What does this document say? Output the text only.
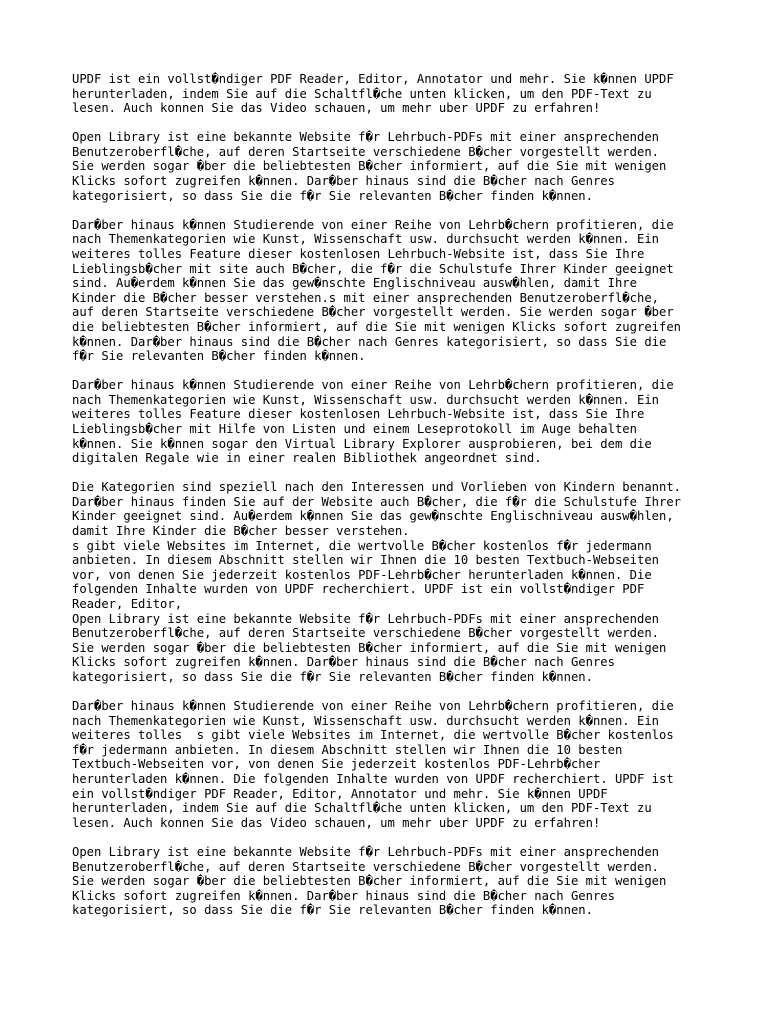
UPDF ist ein vollst�ndiger PDF Reader, Editor, Annotator und mehr. Sie k�nnen UPDF
herunterladen, indem Sie auf die Schaltfl�che unten klicken, um den PDF-Text zu
lesen. Auch konnen Sie das Video schauen, um mehr uber UPDF zu erfahren!

Open Library ist eine bekannte Website f�r Lehrbuch-PDFs mit einer ansprechenden
Benutzeroberfl�che, auf deren Startseite verschiedene B�cher vorgestellt werden.
Sie werden sogar �ber die beliebtesten B�cher informiert, auf die Sie mit wenigen
Klicks sofort zugreifen k�nnen. Dar�ber hinaus sind die B�cher nach Genres
kategorisiert, so dass Sie die f�r Sie relevanten B�cher finden k�nnen.

Dar�ber hinaus k�nnen Studierende von einer Reihe von Lehrb�chern profitieren, die
nach Themenkategorien wie Kunst, Wissenschaft usw. durchsucht werden k�nnen. Ein
weiteres tolles Feature dieser kostenlosen Lehrbuch-Website ist, dass Sie Ihre
Lieblingsb�cher mit site auch B�cher, die f�r die Schulstufe Ihrer Kinder geeignet
sind. Au�erdem k�nnen Sie das gew�nschte Englischniveau ausw�hlen, damit Ihre
Kinder die B�cher besser verstehen.s mit einer ansprechenden Benutzeroberfl�che,
auf deren Startseite verschiedene B�cher vorgestellt werden. Sie werden sogar �ber
die beliebtesten B�cher informiert, auf die Sie mit wenigen Klicks sofort zugreifen
k�nnen. Dar�ber hinaus sind die B�cher nach Genres kategorisiert, so dass Sie die
f�r Sie relevanten B�cher finden k�nnen.

Dar�ber hinaus k�nnen Studierende von einer Reihe von Lehrb�chern profitieren, die
nach Themenkategorien wie Kunst, Wissenschaft usw. durchsucht werden k�nnen. Ein
weiteres tolles Feature dieser kostenlosen Lehrbuch-Website ist, dass Sie Ihre
Lieblingsb�cher mit Hilfe von Listen und einem Leseprotokoll im Auge behalten
k�nnen. Sie k�nnen sogar den Virtual Library Explorer ausprobieren, bei dem die
digitalen Regale wie in einer realen Bibliothek angeordnet sind.

Die Kategorien sind speziell nach den Interessen und Vorlieben von Kindern benannt.
Dar�ber hinaus finden Sie auf der Website auch B�cher, die f�r die Schulstufe Ihrer
Kinder geeignet sind. Au�erdem k�nnen Sie das gew�nschte Englischniveau ausw�hlen,
damit Ihre Kinder die B�cher besser verstehen.
s gibt viele Websites im Internet, die wertvolle B�cher kostenlos f�r jedermann
anbieten. In diesem Abschnitt stellen wir Ihnen die 10 besten Textbuch-Webseiten
vor, von denen Sie jederzeit kostenlos PDF-Lehrb�cher herunterladen k�nnen. Die
folgenden Inhalte wurden von UPDF recherchiert. UPDF ist ein vollst�ndiger PDF
Reader, Editor,
Open Library ist eine bekannte Website f�r Lehrbuch-PDFs mit einer ansprechenden
Benutzeroberfl�che, auf deren Startseite verschiedene B�cher vorgestellt werden.
Sie werden sogar �ber die beliebtesten B�cher informiert, auf die Sie mit wenigen
Klicks sofort zugreifen k�nnen. Dar�ber hinaus sind die B�cher nach Genres
kategorisiert, so dass Sie die f�r Sie relevanten B�cher finden k�nnen.

Dar�ber hinaus k�nnen Studierende von einer Reihe von Lehrb�chern profitieren, die
nach Themenkategorien wie Kunst, Wissenschaft usw. durchsucht werden k�nnen. Ein
weiteres tolles  s gibt viele Websites im Internet, die wertvolle B�cher kostenlos
f�r jedermann anbieten. In diesem Abschnitt stellen wir Ihnen die 10 besten
Textbuch-Webseiten vor, von denen Sie jederzeit kostenlos PDF-Lehrb�cher
herunterladen k�nnen. Die folgenden Inhalte wurden von UPDF recherchiert. UPDF ist
ein vollst�ndiger PDF Reader, Editor, Annotator und mehr. Sie k�nnen UPDF
herunterladen, indem Sie auf die Schaltfl�che unten klicken, um den PDF-Text zu
lesen. Auch konnen Sie das Video schauen, um mehr uber UPDF zu erfahren!

Open Library ist eine bekannte Website f�r Lehrbuch-PDFs mit einer ansprechenden
Benutzeroberfl�che, auf deren Startseite verschiedene B�cher vorgestellt werden.
Sie werden sogar �ber die beliebtesten B�cher informiert, auf die Sie mit wenigen
Klicks sofort zugreifen k�nnen. Dar�ber hinaus sind die B�cher nach Genres
kategorisiert, so dass Sie die f�r Sie relevanten B�cher finden k�nnen.
